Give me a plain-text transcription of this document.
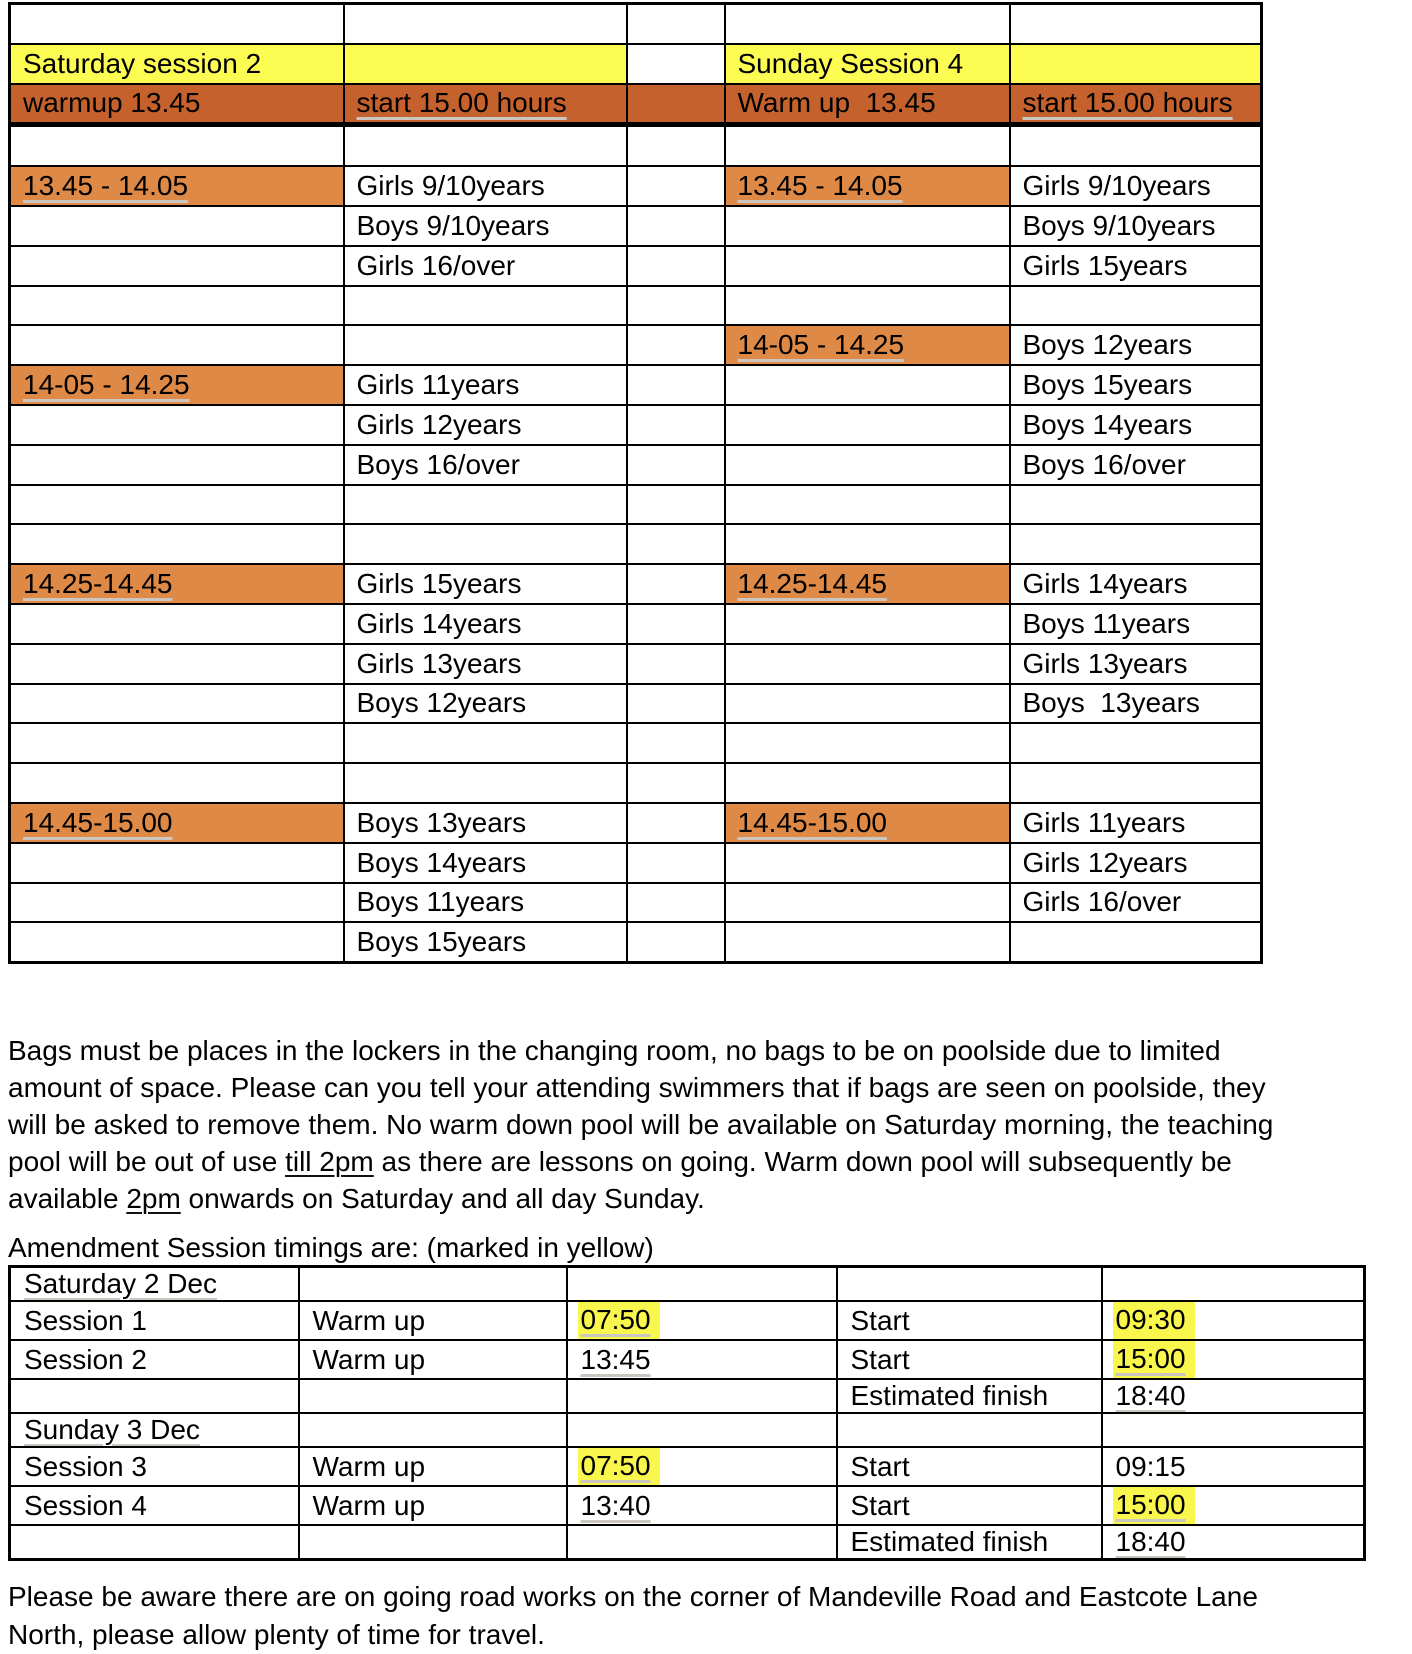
Saturday session 2			Sunday Session 4	
warmup 13.45	start 15.00 hours		Warm up  13.45	start 15.00 hours

13.45 - 14.05	Girls 9/10years		13.45 - 14.05	Girls 9/10years
	Boys 9/10years			Boys 9/10years
	Girls 16/over			Girls 15years

			14-05 - 14.25	Boys 12years
14-05 - 14.25	Girls 11years			Boys 15years
	Girls 12years			Boys 14years
	Boys 16/over			Boys 16/over

14.25-14.45	Girls 15years		14.25-14.45	Girls 14years
	Girls 14years			Boys 11years
	Girls 13years			Girls 13years
	Boys 12years			Boys  13years

14.45-15.00	Boys 13years		14.45-15.00	Girls 11years
	Boys 14years			Girls 12years
	Boys 11years			Girls 16/over
	Boys 15years			

Bags must be places in the lockers in the changing room, no bags to be on poolside due to limited amount of space. Please can you tell your attending swimmers that if bags are seen on poolside, they will be asked to remove them. No warm down pool will be available on Saturday morning, the teaching pool will be out of use till 2pm as there are lessons on going. Warm down pool will subsequently be available 2pm onwards on Saturday and all day Sunday.

Amendment Session timings are: (marked in yellow)
Saturday 2 Dec				
Session 1	Warm up	07:50	Start	09:30
Session 2	Warm up	13:45	Start	15:00
			Estimated finish	18:40
Sunday 3 Dec				
Session 3	Warm up	07:50	Start	09:15
Session 4	Warm up	13:40	Start	15:00
			Estimated finish	18:40

Please be aware there are on going road works on the corner of Mandeville Road and Eastcote Lane North, please allow plenty of time for travel.
